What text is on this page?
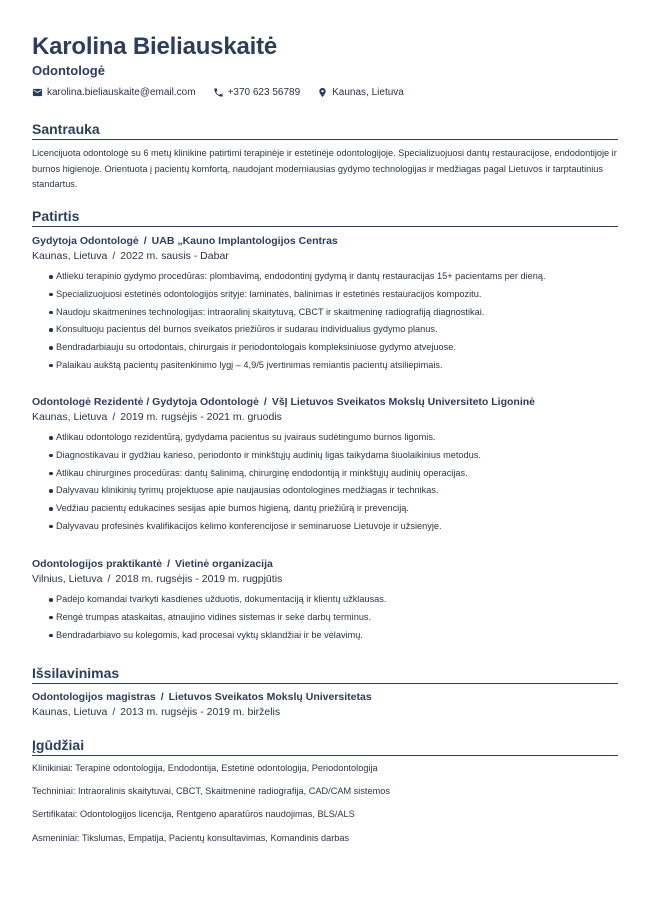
Karolina Bieliauskaitė
Odontologė
karolina.bieliauskaite@email.com	+370 623 56789	Kaunas, Lietuva
Santrauka
Licencijuota odontologė su 6 metų klinikine patirtimi terapinėje ir estetinėje odontologijoje. Specializuojuosi dantų restauracijose, endodontijoje ir burnos higienoje. Orientuota į pacientų komfortą, naudojant moderniausias gydymo technologijas ir medžiagas pagal Lietuvos ir tarptautinius standartus.
Patirtis
Gydytoja Odontologė / UAB „Kauno Implantologijos Centras
Kaunas, Lietuva / 2022 m. sausis - Dabar
Atlieku terapinio gydymo procedūras: plombavimą, endodontinį gydymą ir dantų restauracijas 15+ pacientams per dieną.
Specializuojuosi estetinės odontologijos srityje: laminatės, balinimas ir estetinės restauracijos kompozitu.
Naudoju skaitmenines technologijas: intraoralinį skaitytuvą, CBCT ir skaitmeninę radiografiją diagnostikai.
Konsultuoju pacientus dėl burnos sveikatos priežiūros ir sudarau individualius gydymo planus.
Bendradarbiauju su ortodontais, chirurgais ir periodontologais kompleksiniuose gydymo atvejuose.
Palaikau aukštą pacientų pasitenkinimo lygį – 4,9/5 įvertinimas remiantis pacientų atsiliepimais.
Odontologė Rezidentė / Gydytoja Odontologė / VšĮ Lietuvos Sveikatos Mokslų Universiteto Ligoninė
Kaunas, Lietuva / 2019 m. rugsėjis - 2021 m. gruodis
Atlikau odontologo rezidentūrą, gydydama pacientus su įvairaus sudėtingumo burnos ligomis.
Diagnostikavau ir gydžiau karieso, periodonto ir minkštųjų audinių ligas taikydama šiuolaikinius metodus.
Atlikau chirurgines procedūras: dantų šalinimą, chirurginę endodontiją ir minkštųjų audinių operacijas.
Dalyvavau klinikinių tyrimų projektuose apie naujausias odontologines medžiagas ir technikas.
Vedžiau pacientų edukacines sesijas apie burnos higieną, dantų priežiūrą ir prevenciją.
Dalyvavau profesinės kvalifikacijos kėlimo konferencijose ir seminaruose Lietuvoje ir užsienyje.
Odontologijos praktikantė / Vietinė organizacija
Vilnius, Lietuva / 2018 m. rugsėjis - 2019 m. rugpjūtis
Padėjo komandai tvarkyti kasdienes užduotis, dokumentaciją ir klientų užklausas.
Rengė trumpas ataskaitas, atnaujino vidines sistemas ir sekė darbų terminus.
Bendradarbiavo su kolegomis, kad procesai vyktų sklandžiai ir be vėlavimų.
Išsilavinimas
Odontologijos magistras / Lietuvos Sveikatos Mokslų Universitetas
Kaunas, Lietuva / 2013 m. rugsėjis - 2019 m. birželis
Įgūdžiai
Klinikiniai: Terapinė odontologija, Endodontija, Estetinė odontologija, Periodontologija
Techniniai: Intraoralinis skaitytuvai, CBCT, Skaitmeninė radiografija, CAD/CAM sistemos
Sertifikatai: Odontologijos licencija, Rentgeno aparatūros naudojimas, BLS/ALS
Asmeniniai: Tikslumas, Empatija, Pacientų konsultavimas, Komandinis darbas
